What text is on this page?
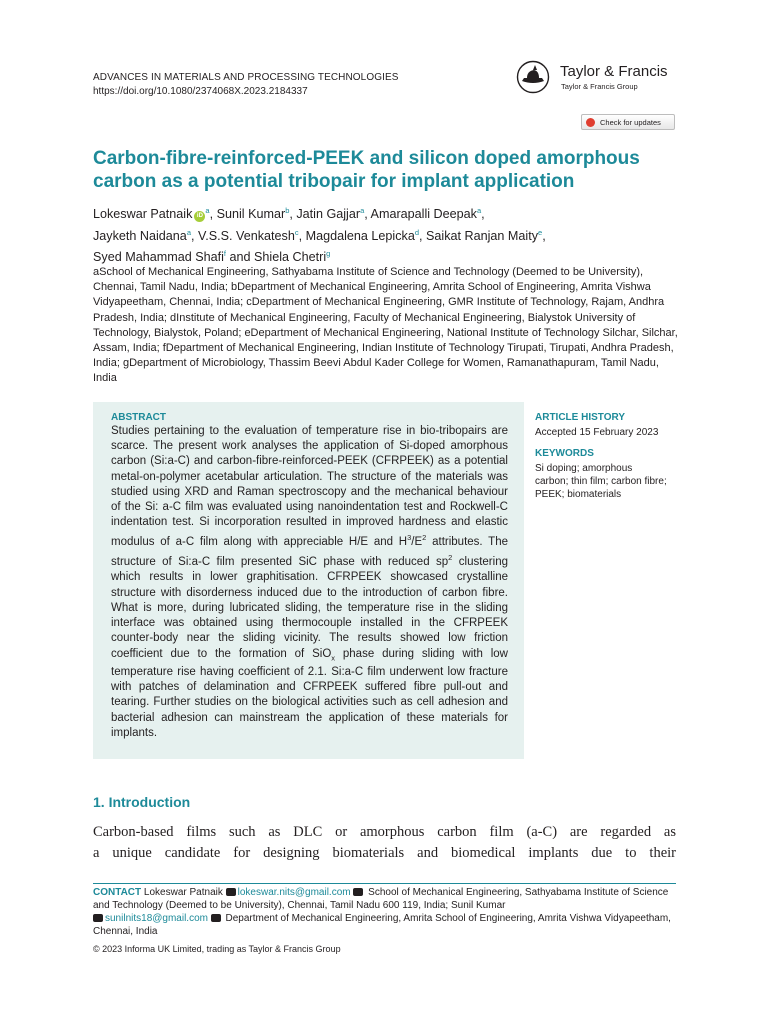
ADVANCES IN MATERIALS AND PROCESSING TECHNOLOGIES
https://doi.org/10.1080/2374068X.2023.2184337
Taylor & Francis
Taylor & Francis Group
Check for updates
Carbon-fibre-reinforced-PEEK and silicon doped amorphous carbon as a potential tribopair for implant application
Lokeswar Patnaik $iD^a$, Sunil Kumar$^b$, Jatin Gajjar$^a$, Amarapalli Deepak$^a$,
Jayketh Naidana$^a$, V.S.S. Venkatesh$^c$, Magdalena Lepicka$^d$, Saikat Ranjan Maity$^e$,
Syed Mahammad Shafi$^f$ and Shiela Chetri$^g$
aSchool of Mechanical Engineering, Sathyabama Institute of Science and Technology (Deemed to be University), Chennai, Tamil Nadu, India; bDepartment of Mechanical Engineering, Amrita School of Engineering, Amrita Vishwa Vidyapeetham, Chennai, India; cDepartment of Mechanical Engineering, GMR Institute of Technology, Rajam, Andhra Pradesh, India; dInstitute of Mechanical Engineering, Faculty of Mechanical Engineering, Bialystok University of Technology, Bialystok, Poland; eDepartment of Mechanical Engineering, National Institute of Technology Silchar, Silchar, Assam, India; fDepartment of Mechanical Engineering, Indian Institute of Technology Tirupati, Tirupati, Andhra Pradesh, India; gDepartment of Microbiology, Thassim Beevi Abdul Kader College for Women, Ramanathapuram, Tamil Nadu, India
ABSTRACT
Studies pertaining to the evaluation of temperature rise in bio-tribopairs are scarce. The present work analyses the application of Si-doped amorphous carbon (Si:a-C) and carbon-fibre-reinforced-PEEK (CFRPEEK) as a potential metal-on-polymer acetabular articulation. The structure of the materials was studied using XRD and Raman spectroscopy and the mechanical behaviour of the Si: a-C film was evaluated using nanoindentation test and Rockwell-C indentation test. Si incorporation resulted in improved hardness and elastic modulus of a-C film along with appreciable H/E and $H^3/E^2$ attributes. The structure of Si:a-C film presented SiC phase with reduced $sp^2$ clustering which results in lower graphitisation. CFRPEEK showcased crystalline structure with disorderness induced due to the introduction of carbon fibre. What is more, during lubricated sliding, the temperature rise in the sliding interface was obtained using thermocouple installed in the CFRPEEK counter-body near the sliding vicinity. The results showed low friction coefficient due to the formation of SiO$_x$ phase during sliding with low temperature rise having coefficient of 2.1. Si:a-C film underwent low fracture with patches of delamination and CFRPEEK suffered fibre pull-out and tearing. Further studies on the biological activities such as cell adhesion and bacterial adhesion can mainstream the application of these materials for implants.
ARTICLE HISTORY
Accepted 15 February 2023
KEYWORDS
Si doping; amorphous carbon; thin film; carbon fibre; PEEK; biomaterials
1. Introduction
Carbon-based films such as DLC or amorphous carbon film (a-C) are regarded as
a unique candidate for designing biomaterials and biomedical implants due to their
CONTACT Lokeswar Patnaik lokeswar.nits@gmail.com  School of Mechanical Engineering, Sathyabama Institute of Science and Technology (Deemed to be University), Chennai, Tamil Nadu 600 119, India; Sunil Kumar
sunilnits18@gmail.com  Department of Mechanical Engineering, Amrita School of Engineering, Amrita Vishwa Vidyapeetham, Chennai, India
© 2023 Informa UK Limited, trading as Taylor & Francis Group
